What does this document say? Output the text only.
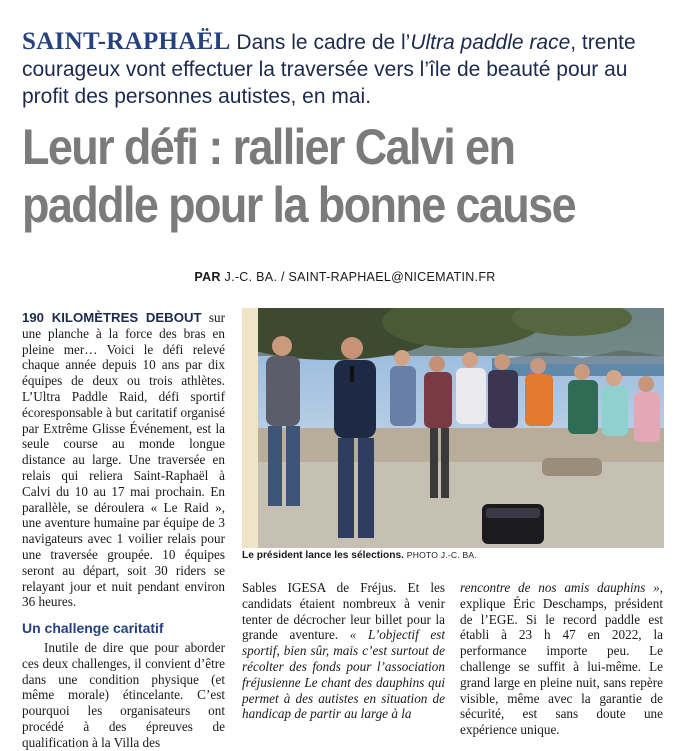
SAINT-RAPHAËL Dans le cadre de l’Ultra paddle race, trente courageux vont effectuer la traversée vers l’île de beauté pour au profit des personnes autistes, en mai.
Leur défi : rallier Calvi en paddle pour la bonne cause
PAR J.-C. BA. / SAINT-RAPHAEL@NICEMATIN.FR

190 KILOMÈTRES DEBOUT sur une planche à la force des bras en pleine mer… Voici le défi relevé chaque année depuis 10 ans par dix équipes de deux ou trois athlètes. L’Ultra Paddle Raid, défi sportif écoresponsable à but caritatif organisé par Extrême Glisse Événement, est la seule course au monde longue distance au large. Une traversée en relais qui reliera Saint-Raphaël à Calvi du 10 au 17 mai prochain. En parallèle, se déroulera « Le Raid », une aventure humaine par équipe de 3 navigateurs avec 1 voilier relais pour une traversée groupée. 10 équipes seront au départ, soit 30 riders se relayant jour et nuit pendant environ 36 heures.

Un challenge caritatif

Inutile de dire que pour aborder ces deux challenges, il convient d’être dans une condition physique (et même morale) étincelante. C’est pourquoi les organisateurs ont procédé à des épreuves de qualification à la Villa des

Le président lance les sélections. PHOTO J.-C. BA.

Sables IGESA de Fréjus. Et les candidats étaient nombreux à venir tenter de décrocher leur billet pour la grande aventure. « L’objectif est sportif, bien sûr, mais c’est surtout de récolter des fonds pour l’association fréjusienne Le chant des dauphins qui permet à des autistes en situation de handicap de partir au large à la

rencontre de nos amis dauphins », explique Éric Deschamps, président de l’EGE. Si le record paddle est établi à 23 h 47 en 2022, la performance importe peu. Le challenge se suffit à lui-même. Le grand large en pleine nuit, sans repère visible, même avec la garantie de sécurité, est sans doute une expérience unique.
